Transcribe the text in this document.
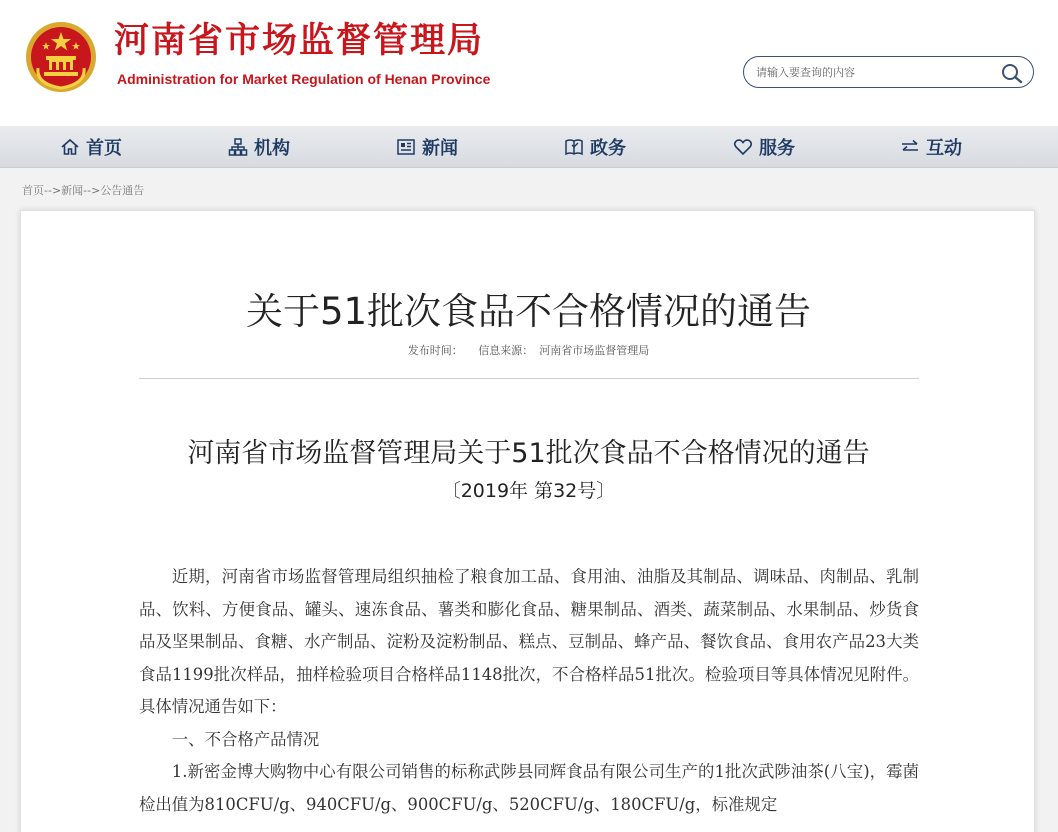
河南省市场监督管理局
Administration for Market Regulation of Henan Province
请输入要查询的内容
首页	机构	新闻	政务	服务	互动
首页-->新闻-->公告通告
关于51批次食品不合格情况的通告
发布时间： 信息来源： 河南省市场监督管理局
河南省市场监督管理局关于51批次食品不合格情况的通告
〔2019年 第32号〕

近期，河南省市场监督管理局组织抽检了粮食加工品、食用油、油脂及其制品、调味品、肉制品、乳制品、饮料、方便食品、罐头、速冻食品、薯类和膨化食品、糖果制品、酒类、蔬菜制品、水果制品、炒货食品及坚果制品、食糖、水产制品、淀粉及淀粉制品、糕点、豆制品、蜂产品、餐饮食品、食用农产品23大类食品1199批次样品，抽样检验项目合格样品1148批次，不合格样品51批次。检验项目等具体情况见附件。具体情况通告如下：

一、不合格产品情况

1.新密金博大购物中心有限公司销售的标称武陟县同辉食品有限公司生产的1批次武陟油茶(八宝)，霉菌检出值为810CFU/g、940CFU/g、900CFU/g、520CFU/g、180CFU/g，标准规定
